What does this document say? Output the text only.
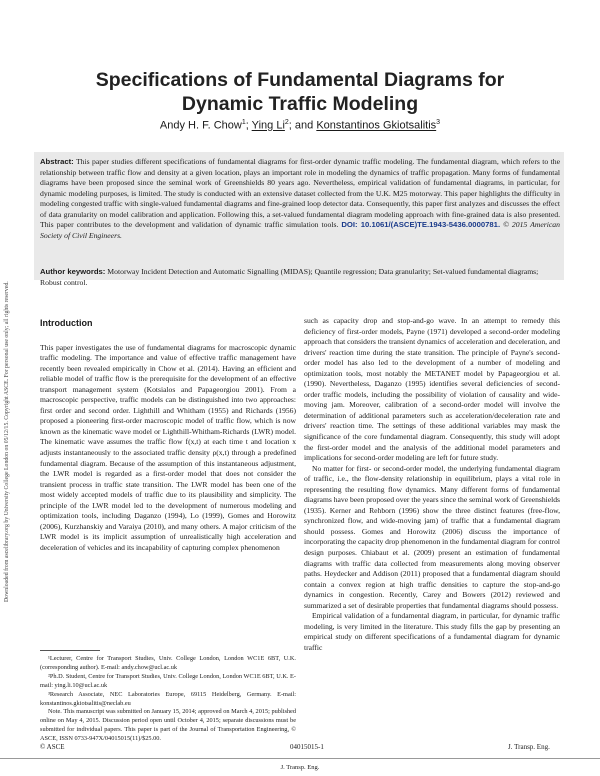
Downloaded from ascelibrary.org by University College London on 05/12/15. Copyright ASCE. For personal use only; all rights reserved.
Specifications of Fundamental Diagrams for
Dynamic Traffic Modeling
Andy H. F. Chow$^1$; Ying Li$^2$; and Konstantinos Gkiotsalitis$^3$

Abstract: This paper studies different specifications of fundamental diagrams for first-order dynamic traffic modeling. The fundamental diagram, which refers to the relationship between traffic flow and density at a given location, plays an important role in modeling the dynamics of traffic propagation. Many forms of fundamental diagrams have been proposed since the seminal work of Greenshields 80 years ago. Nevertheless, empirical validation of fundamental diagrams, in particular, for dynamic modeling purposes, is limited. The study is conducted with an extensive dataset collected from the U.K. M25 motorway. This paper highlights the difficulty in modeling congested traffic with single-valued fundamental diagrams and fine-grained loop detector data. Consequently, this paper first analyzes and discusses the effect of data granularity on model calibration and application. Following this, a set-valued fundamental diagram modeling approach with fine-grained data is also presented. This paper contributes to the development and validation of dynamic traffic simulation tools. DOI: 10.1061/(ASCE)TE.1943-5436.0000781. © 2015 American Society of Civil Engineers.

Author keywords: Motorway Incident Detection and Automatic Signalling (MIDAS); Quantile regression; Data granularity; Set-valued fundamental diagrams; Robust control.

Introduction

This paper investigates the use of fundamental diagrams for macroscopic dynamic traffic modeling. The importance and value of effective traffic management have recently been revealed empirically in Chow et al. (2014). Having an efficient and reliable model of traffic flow is the prerequisite for the development of an effective transport management system (Kotsialos and Papageorgiou 2001). From a macroscopic perspective, traffic models can be distinguished into two approaches: first order and second order. Lighthill and Whitham (1955) and Richards (1956) proposed a pioneering first-order macroscopic model of traffic flow, which is now known as the kinematic wave model or Lighthill-Whitham-Richards (LWR) model. The kinematic wave assumes the traffic flow f(x,t) at each time t and location x adjusts instantaneously to the associated traffic density ρ(x,t) through a predefined fundamental diagram. Because of the assumption of this instantaneous adjustment, the LWR model is regarded as a first-order model that does not consider the transient process in traffic state transition. The LWR model has been one of the most widely accepted models of traffic due to its plausibility and simplicity. The principle of the LWR model led to the development of numerous modeling and optimization tools, including Daganzo (1994), Lo (1999), Gomes and Horowitz (2006), Kurzhanskiy and Varaiya (2010), and many others. A major criticism of the LWR model is its implicit assumption of unrealistically high acceleration and deceleration of vehicles and its incapability of capturing complex phenomenon

such as capacity drop and stop-and-go wave. In an attempt to remedy this deficiency of first-order models, Payne (1971) developed a second-order modeling approach that considers the transient dynamics of acceleration and deceleration, and drivers' reaction time during the state transition. The principle of Payne's second-order model has also led to the development of a number of modeling and optimization tools, most notably the METANET model by Papageorgiou et al. (1990). Nevertheless, Daganzo (1995) identifies several deficiencies of second-order traffic models, including the possibility of violation of causality and wide-moving jam. Moreover, calibration of a second-order model will involve the determination of additional parameters such as acceleration/deceleration rate and drivers' reaction time. The settings of these additional variables may mask the significance of the core fundamental diagram. Consequently, this study will adopt the first-order model and the analysis of the additional model parameters and implications for second-order modeling are left for future study.

No matter for first- or second-order model, the underlying fundamental diagram of traffic, i.e., the flow-density relationship in equilibrium, plays a vital role in representing the resulting flow dynamics. Many different forms of fundamental diagrams have been proposed over the years since the seminal work of Greenshields (1935). Kerner and Rehborn (1996) show the three distinct features (free-flow, synchronized flow, and wide-moving jam) of traffic that a fundamental diagram should possess. Gomes and Horowitz (2006) discuss the importance of incorporating the capacity drop phenomenon in the fundamental diagram for control design purposes. Chiabaut et al. (2009) present an estimation of fundamental diagrams with traffic data collected from measurements along moving observer paths. Heydecker and Addison (2011) proposed that a fundamental diagram should contain a convex region at high traffic densities to capture the stop-and-go dynamics in congestion. Recently, Carey and Bowers (2012) reviewed and summarized a set of desirable properties that fundamental diagrams should possess.

Empirical validation of a fundamental diagram, in particular, for dynamic traffic modeling, is very limited in the literature. This study fills the gap by presenting an empirical study on different specifications of a fundamental diagram for dynamic traffic

¹Lecturer, Centre for Transport Studies, Univ. College London, London WC1E 6BT, U.K. (corresponding author). E-mail: andy.chow@ucl.ac.uk

²Ph.D. Student, Centre for Transport Studies, Univ. College London, London WC1E 6BT, U.K. E-mail: ying.li.10@ucl.ac.uk

³Research Associate, NEC Laboratories Europe, 69115 Heidelberg, Germany. E-mail: konstantinos.gkiotsalitis@neclab.eu

Note. This manuscript was submitted on January 15, 2014; approved on March 4, 2015; published online on May 4, 2015. Discussion period open until October 4, 2015; separate discussions must be submitted for individual papers. This paper is part of the Journal of Transportation Engineering, © ASCE, ISSN 0733-947X/04015015(11)/$25.00.

© ASCE	04015015-1	J. Transp. Eng.
J. Transp. Eng.
